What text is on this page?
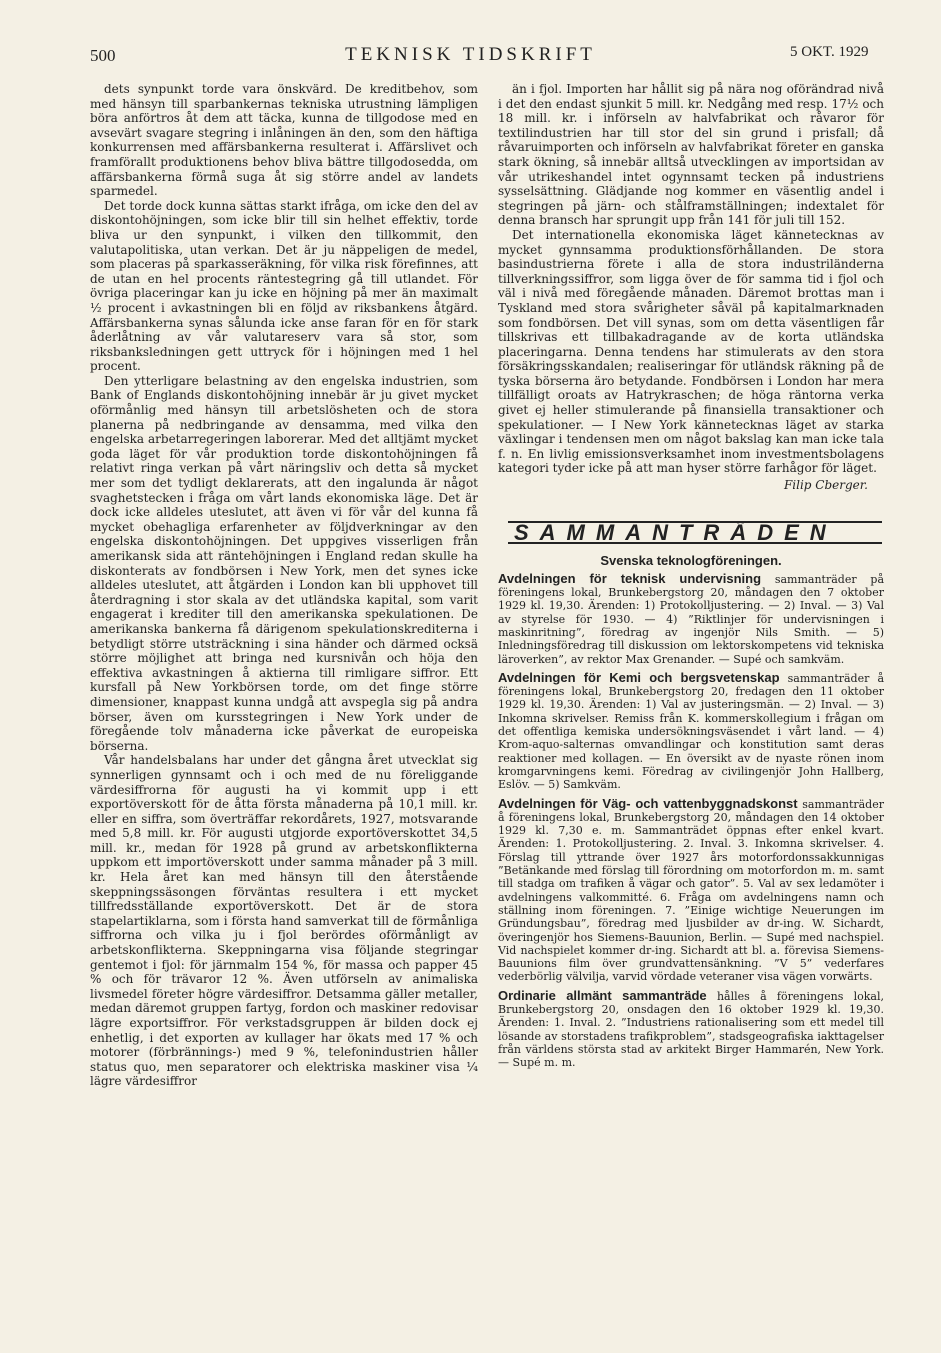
500	TEKNISK TIDSKRIFT	5 OKT. 1929

dets synpunkt torde vara önskvärd. De kreditbehov, som med hänsyn till sparbankernas tekniska utrustning lämpligen böra anförtros åt dem att täcka, kunna de tillgodose med en avsevärt svagare stegring i inlåningen än den, som den häftiga konkurrensen med affärsbankerna resulterat i. Affärslivet och framförallt produktionens behov bliva bättre tillgodosedda, om affärsbankerna förmå suga åt sig större andel av landets sparmedel.

Det torde dock kunna sättas starkt ifråga, om icke den del av diskontohöjningen, som icke blir till sin helhet effektiv, torde bliva ur den synpunkt, i vilken den tillkommit, den valutapolitiska, utan verkan. Det är ju näppeligen de medel, som placeras på sparkasseräkning, för vilka risk förefinnes, att de utan en hel procents räntestegring gå till utlandet. För övriga placeringar kan ju icke en höjning på mer än maximalt ½ procent i avkastningen bli en följd av riksbankens åtgärd. Affärsbankerna synas sålunda icke anse faran för en för stark åderlåtning av vår valutareserv vara så stor, som riksbanksledningen gett uttryck för i höjningen med 1 hel procent.

Den ytterligare belastning av den engelska industrien, som Bank of Englands diskontohöjning innebär är ju givet mycket oförmånlig med hänsyn till arbetslösheten och de stora planerna på nedbringande av densamma, med vilka den engelska arbetarregeringen laborerar. Med det alltjämt mycket goda läget för vår produktion torde diskontohöjningen få relativt ringa verkan på vårt näringsliv och detta så mycket mer som det tydligt deklarerats, att den ingalunda är något svaghetstecken i fråga om vårt lands ekonomiska läge. Det är dock icke alldeles uteslutet, att även vi för vår del kunna få mycket obehagliga erfarenheter av följdverkningar av den engelska diskontohöjningen. Det uppgives visserligen från amerikansk sida att räntehöjningen i England redan skulle ha diskonterats av fondbörsen i New York, men det synes icke alldeles uteslutet, att åtgärden i London kan bli upphovet till återdragning i stor skala av det utländska kapital, som varit engagerat i krediter till den amerikanska spekulationen. De amerikanska bankerna få därigenom spekulationskrediterna i betydligt större utsträckning i sina händer och därmed ocksä större möjlighet att bringa ned kursnivån och höja den effektiva avkastningen å aktierna till rimligare siffror. Ett kursfall på New Yorkbörsen torde, om det finge större dimensioner, knappast kunna undgå att avspegla sig på andra börser, även om kursstegringen i New York under de föregående tolv månaderna icke påverkat de europeiska börserna.

Vår handelsbalans har under det gångna året utvecklat sig synnerligen gynnsamt och i och med de nu föreliggande värdesiffrorna för augusti ha vi kommit upp i ett exportöverskott för de åtta första månaderna på 10,1 mill. kr. eller en siffra, som överträffar rekordårets, 1927, motsvarande med 5,8 mill. kr. För augusti utgjorde exportöverskottet 34,5 mill. kr., medan för 1928 på grund av arbetskonflikterna uppkom ett importöverskott under samma månader på 3 mill. kr. Hela året kan med hänsyn till den återstående skeppningssäsongen förväntas resultera i ett mycket tillfredsställande exportöverskott. Det är de stora stapelartiklarna, som i första hand samverkat till de förmånliga siffrorna och vilka ju i fjol berördes oförmånligt av arbetskonflikterna. Skeppningarna visa följande stegringar gentemot i fjol: för järnmalm 154 %, för massa och papper 45 % och för trävaror 12 %. Även utförseln av animaliska livsmedel företer högre värdesiffror. Detsamma gäller metaller, medan däremot gruppen fartyg, fordon och maskiner redovisar lägre exportsiffror. För verkstadsgruppen är bilden dock ej enhetlig, i det exporten av kullager har ökats med 17 % och motorer (förbrännings-) med 9 %, telefonindustrien håller status quo, men separatorer och elektriska maskiner visa ¼ lägre värdesiffror

än i fjol. Importen har hållit sig på nära nog oförändrad nivå i det den endast sjunkit 5 mill. kr. Nedgång med resp. 17½ och 18 mill. kr. i införseln av halvfabrikat och råvaror för textilindustrien har till stor del sin grund i prisfall; då råvaruimporten och införseln av halvfabrikat företer en ganska stark ökning, så innebär alltså utvecklingen av importsidan av vår utrikeshandel intet ogynnsamt tecken på industriens sysselsättning. Glädjande nog kommer en väsentlig andel i stegringen på järn- och stålframställningen; indextalet för denna bransch har sprungit upp från 141 för juli till 152.

Det internationella ekonomiska läget kännetecknas av mycket gynnsamma produktionsförhållanden. De stora basindustrierna förete i alla de stora industriländerna tillverkningssiffror, som ligga över de för samma tid i fjol och väl i nivå med föregående månaden. Däremot brottas man i Tyskland med stora svårigheter såväl på kapitalmarknaden som fondbörsen. Det vill synas, som om detta väsentligen får tillskrivas ett tillbakadragande av de korta utländska placeringarna. Denna tendens har stimulerats av den stora försäkringsskandalen; realiseringar för utländsk räkning på de tyska börserna äro betydande. Fondbörsen i London har mera tillfälligt oroats av Hatrykraschen; de höga räntorna verka givet ej heller stimulerande på finansiella transaktioner och spekulationer. — I New York kännetecknas läget av starka växlingar i tendensen men om något bakslag kan man icke tala f. n. En livlig emissionsverksamhet inom investmentsbolagens kategori tyder icke på att man hyser större farhågor för läget.

Filip Cberger.
SAMMANTRÄDEN
Svenska teknologföreningen.
Avdelningen för teknisk undervisning sammanträder på föreningens lokal, Brunkebergstorg 20, måndagen den 7 oktober 1929 kl. 19,30. Ärenden: 1) Protokolljustering. — 2) Inval. — 3) Val av styrelse för 1930. — 4) ”Riktlinjer för undervisningen i maskinritning”, föredrag av ingenjör Nils Smith. — 5) Inledningsföredrag till diskussion om lektorskompetens vid tekniska läroverken”, av rektor Max Grenander. — Supé och samkväm.
Avdelningen för Kemi och bergsvetenskap sammanträder å föreningens lokal, Brunkebergstorg 20, fredagen den 11 oktober 1929 kl. 19,30. Ärenden: 1) Val av justeringsmän. — 2) Inval. — 3) Inkomna skrivelser. Remiss från K. kommerskollegium i frågan om det offentliga kemiska undersökningsväsendet i vårt land. — 4) Krom-aquo-salternas omvandlingar och konstitution samt deras reaktioner med kollagen. — En översikt av de nyaste rönen inom kromgarvningens kemi. Föredrag av civilingenjör John Hallberg, Eslöv. — 5) Samkväm.
Avdelningen för Väg- och vattenbyggnadskonst sammanträder å föreningens lokal, Brunkebergstorg 20, måndagen den 14 oktober 1929 kl. 7,30 e. m. Sammanträdet öppnas efter enkel kvart. Ärenden: 1. Protokolljustering. 2. Inval. 3. Inkomna skrivelser. 4. Förslag till yttrande över 1927 års motorfordonssakkunnigas ”Betänkande med förslag till förordning om motorfordon m. m. samt till stadga om trafiken å vägar och gator”. 5. Val av sex ledamöter i avdelningens valkommitté. 6. Fråga om avdelningens namn och ställning inom föreningen. 7. ”Einige wichtige Neuerungen im Gründungsbau”, föredrag med ljusbilder av dr-ing. W. Sichardt, överingenjör hos Siemens-Bauunion, Berlin. — Supé med nachspiel. Vid nachspielet kommer dr-ing. Sichardt att bl. a. förevisa Siemens-Bauunions film över grundvattensänkning. ”V 5” vederfares vederbörlig välvilja, varvid vördade veteraner visa vägen vorwärts.
Ordinarie allmänt sammanträde hålles å föreningens lokal, Brunkebergstorg 20, onsdagen den 16 oktober 1929 kl. 19,30. Ärenden: 1. Inval. 2. ”Industriens rationalisering som ett medel till lösande av storstadens trafikproblem”, stadsgeografiska iakttagelser från världens största stad av arkitekt Birger Hammarén, New York. — Supé m. m.
